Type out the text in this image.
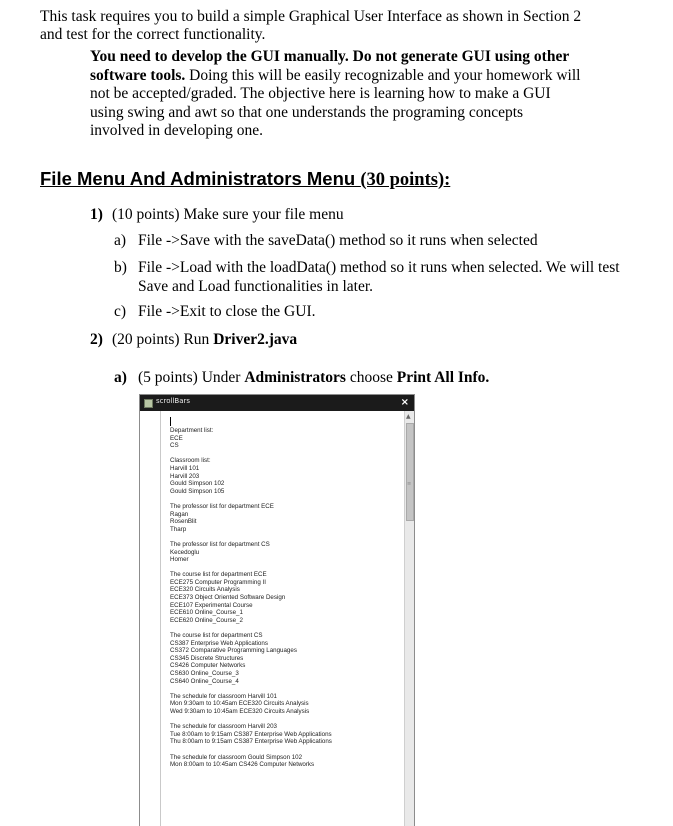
This task requires you to build a simple Graphical User Interface as shown in Section 2
and test for the correct functionality.
You need to develop the GUI manually. Do not generate GUI using other
software tools. Doing this will be easily recognizable and your homework will
not be accepted/graded. The objective here is learning how to make a GUI
using swing and awt so that one understands the programing concepts
involved in developing one.
File Menu And Administrators Menu (30 points):
1) (10 points) Make sure your file menu
a) File ->Save with the saveData() method so it runs when selected
b) File ->Load with the loadData() method so it runs when selected. We will test
Save and Load functionalities in later.
c) File ->Exit to close the GUI.
2) (20 points) Run Driver2.java
a) (5 points) Under Administrators choose Print All Info.
scrollBars	×
Department list:
ECE
CS
Classroom list:
Harvill 101
Harvill 203
Gould Simpson 102
Gould Simpson 105
The professor list for department ECE
Ragan
RosenBlit
Tharp
The professor list for department CS
Kecedoglu
Homer
The course list for department ECE
ECE275 Computer Programming II
ECE320 Circuits Analysis
ECE373 Object Oriented Software Design
ECE107 Experimental Course
ECE610 Online_Course_1
ECE620 Online_Course_2
The course list for department CS
CS387 Enterprise Web Applications
CS372 Comparative Programming Languages
CS345 Discrete Structures
CS426 Computer Networks
CS630 Online_Course_3
CS640 Online_Course_4
The schedule for classroom Harvill 101
Mon 9:30am to 10:45am ECE320 Circuits Analysis
Wed 9:30am to 10:45am ECE320 Circuits Analysis
The schedule for classroom Harvill 203
Tue 8:00am to 9:15am CS387 Enterprise Web Applications
Thu 8:00am to 9:15am CS387 Enterprise Web Applications
The schedule for classroom Gould Simpson 102
Mon 8:00am to 10:45am CS426 Computer Networks
▲
≡
